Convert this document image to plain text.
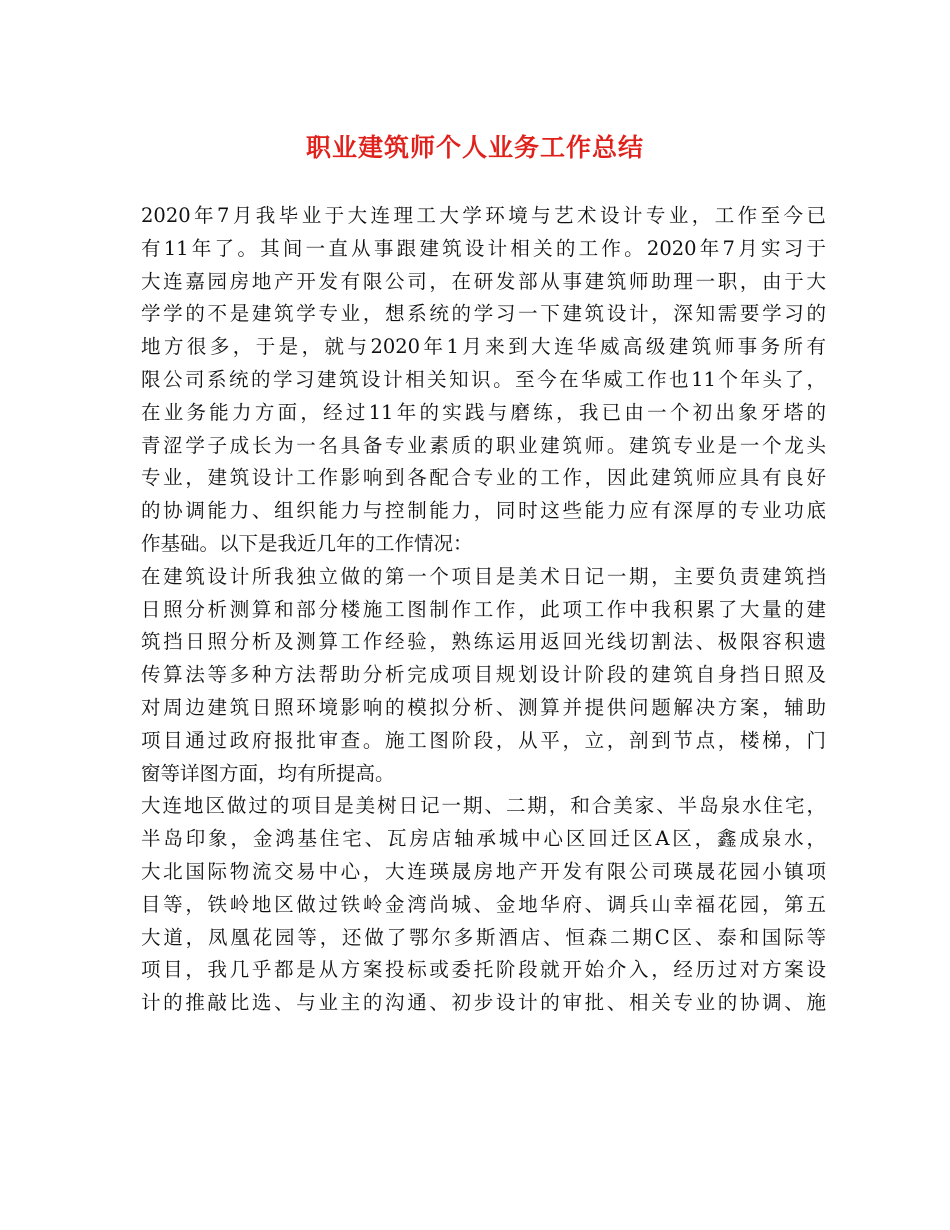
职业建筑师个人业务工作总结
2020年7月我毕业于大连理工大学环境与艺术设计专业，工作至今已
有11年了。其间一直从事跟建筑设计相关的工作。2020年7月实习于
大连嘉园房地产开发有限公司，在研发部从事建筑师助理一职，由于大
学学的不是建筑学专业，想系统的学习一下建筑设计，深知需要学习的
地方很多，于是，就与2020年1月来到大连华威高级建筑师事务所有
限公司系统的学习建筑设计相关知识。至今在华威工作也11个年头了，
在业务能力方面，经过11年的实践与磨练，我已由一个初出象牙塔的
青涩学子成长为一名具备专业素质的职业建筑师。建筑专业是一个龙头
专业，建筑设计工作影响到各配合专业的工作，因此建筑师应具有良好
的协调能力、组织能力与控制能力，同时这些能力应有深厚的专业功底
作基础。以下是我近几年的工作情况：
在建筑设计所我独立做的第一个项目是美术日记一期，主要负责建筑挡
日照分析测算和部分楼施工图制作工作，此项工作中我积累了大量的建
筑挡日照分析及测算工作经验，熟练运用返回光线切割法、极限容积遗
传算法等多种方法帮助分析完成项目规划设计阶段的建筑自身挡日照及
对周边建筑日照环境影响的模拟分析、测算并提供问题解决方案，辅助
项目通过政府报批审查。施工图阶段，从平，立，剖到节点，楼梯，门
窗等详图方面，均有所提高。
大连地区做过的项目是美树日记一期、二期，和合美家、半岛泉水住宅，
半岛印象，金鸿基住宅、瓦房店轴承城中心区回迁区A区，鑫成泉水，
大北国际物流交易中心，大连瑛晟房地产开发有限公司瑛晟花园小镇项
目等，铁岭地区做过铁岭金湾尚城、金地华府、调兵山幸福花园，第五
大道，凤凰花园等，还做了鄂尔多斯酒店、恒森二期C区、泰和国际等
项目，我几乎都是从方案投标或委托阶段就开始介入，经历过对方案设
计的推敲比选、与业主的沟通、初步设计的审批、相关专业的协调、施
